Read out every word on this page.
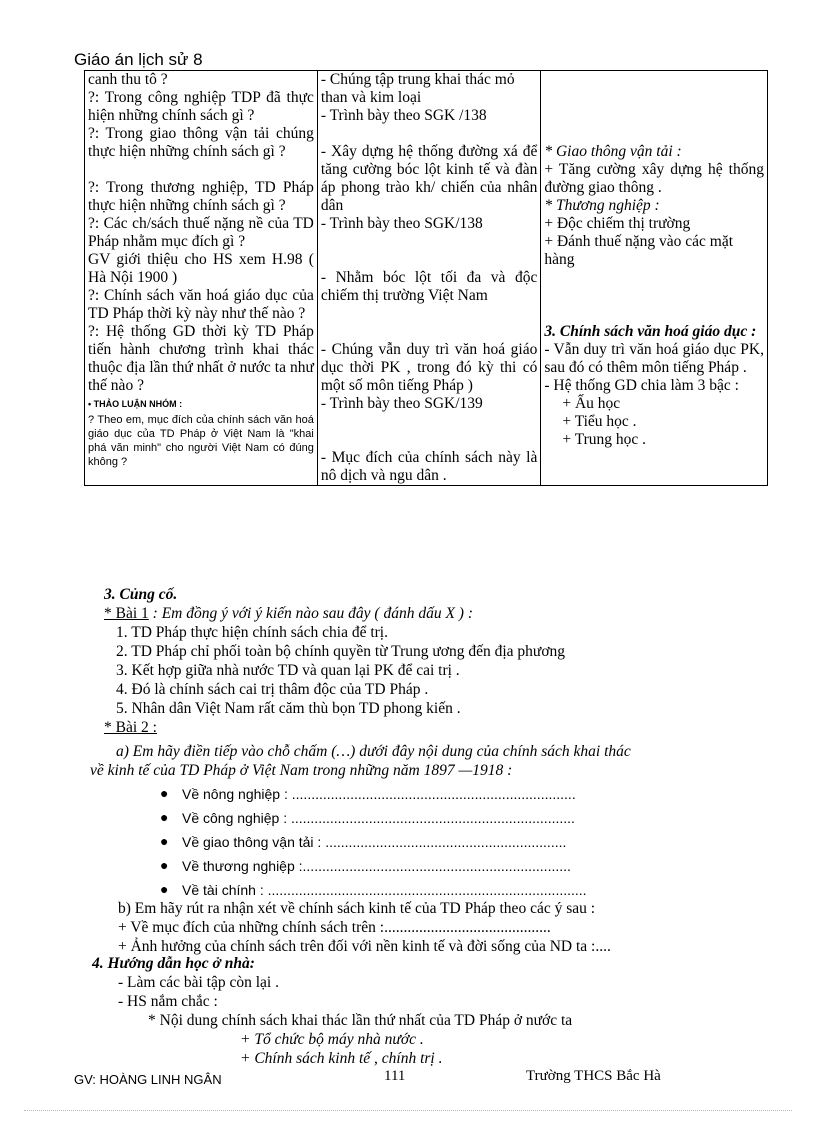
Giáo án lịch sử 8
canh thu tô ?
?: Trong công nghiệp TDP đã thực hiện những chính sách gì ?
?: Trong giao thông vận tải chúng thực hiện những chính sách gì ?
?: Trong thương nghiệp, TD Pháp thực hiện những chính sách gì ?
?: Các ch/sách thuế nặng nề của TD Pháp nhằm mục đích gì ?
GV giới thiệu cho HS xem H.98 ( Hà Nội 1900 )
?: Chính sách văn hoá giáo dục của TD Pháp thời kỳ này như thế nào ?
?: Hệ thống GD thời kỳ TD Pháp tiến hành chương trình khai thác thuộc địa lần thứ nhất ở nước ta như thế nào ?
• THẢO LUẬN NHÓM :
? Theo em, mục đích của chính sách văn hoá giáo dục của TD Pháp ở Việt Nam là "khai phá văn minh" cho người Việt Nam có đúng không ?

- Chúng tập trung khai thác mỏ than và kim loại
- Trình bày theo SGK /138
- Xây dựng hệ thống đường xá để tăng cường bóc lột kinh tế và đàn áp phong trào kh/ chiến của nhân dân
- Trình bày theo SGK/138
- Nhằm bóc lột tối đa và độc chiếm thị trường Việt Nam
- Chúng vẫn duy trì văn hoá giáo dục thời PK , trong đó kỳ thi có một số môn tiếng Pháp )
- Trình bày theo SGK/139
- Mục đích của chính sách này là nô dịch và ngu dân .

* Giao thông vận tải :
+ Tăng cường xây dựng hệ thống đường giao thông .
* Thương nghiệp :
+ Độc chiếm thị trường
+ Đánh thuế nặng vào các mặt hàng
3. Chính sách văn hoá giáo dục :
- Vẫn duy trì văn hoá giáo dục PK, sau đó có thêm môn tiếng Pháp .
- Hệ thống GD chia làm 3 bậc :
+ Ấu học
+ Tiểu học .
+ Trung học .
3. Củng cố.
* Bài 1 : Em đồng ý với ý kiến nào sau đây ( đánh dấu X ) :
1. TD Pháp thực hiện chính sách chia để trị.
2. TD Pháp chỉ phối toàn bộ chính quyền từ Trung ương đến địa phương
3. Kết hợp giữa nhà nước TD và quan lại PK để cai trị .
4. Đó là chính sách cai trị thâm độc của TD Pháp .
5. Nhân dân Việt Nam rất căm thù bọn TD phong kiến .
* Bài 2 :
a) Em hãy điền tiếp vào chỗ chấm (…) dưới đây nội dung của chính sách khai thác
về kinh tế của TD Pháp ở Việt Nam trong những năm 1897 —1918 :
● Về nông nghiệp : .........................................................................
● Về công nghiệp : .........................................................................
● Về giao thông vận tải : ..............................................................
● Về thương nghiệp :.....................................................................
● Về tài chính : ..................................................................................
b) Em hãy rút ra nhận xét về chính sách kinh tế của TD Pháp theo các ý sau :
+ Về mục đích của những chính sách trên :...........................................
+ Ảnh hưởng của chính sách trên đối với nền kinh tế và đời sống của ND ta :....
4. Hướng dẫn học ở nhà:
- Làm các bài tập còn lại .
- HS nắm chắc :
* Nội dung chính sách khai thác lần thứ nhất của TD Pháp ở nước ta
+ Tổ chức bộ máy nhà nước .
+ Chính sách kinh tế , chính trị .
GV: HOÀNG LINH NGÂN	111	Trường THCS Bắc Hà
